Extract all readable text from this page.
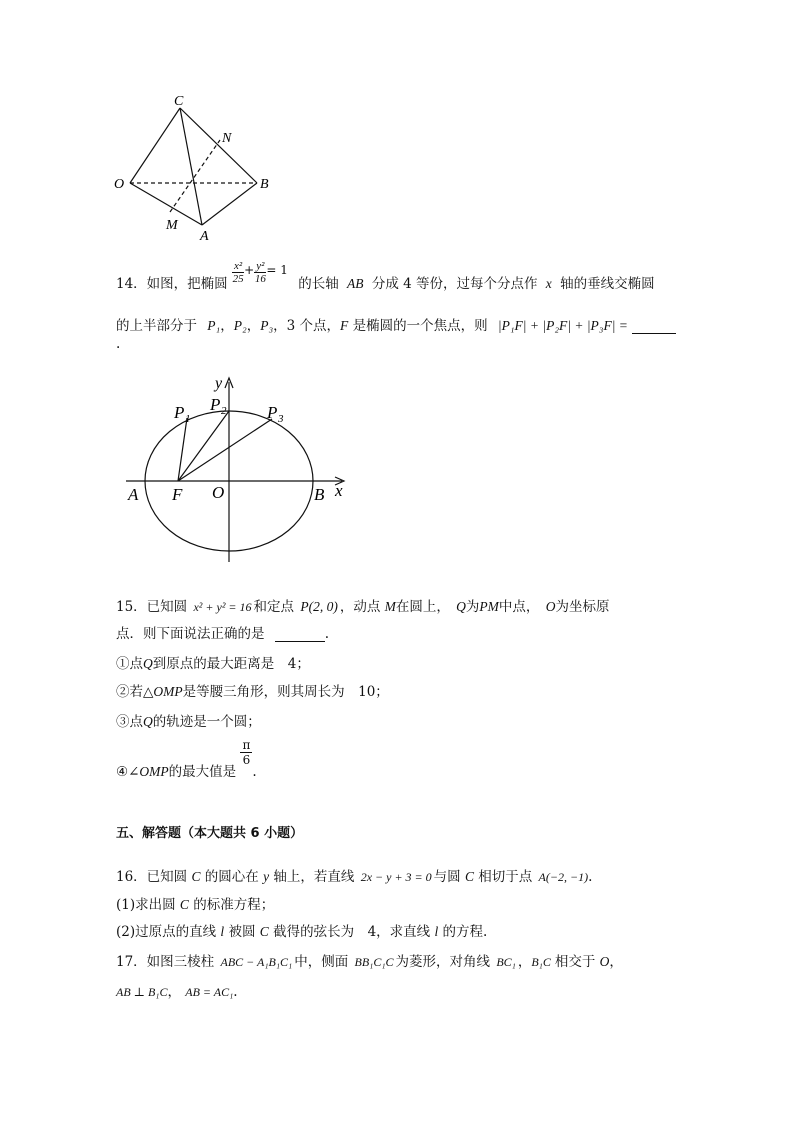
C
N
O	B
M
A
14．如图，把椭圆 $\frac{\text{x²}}{25} + \frac{\text{y²}}{16} = 1$ 的长轴 AB 分成 4 等份，过每个分点作 x 轴的垂线交椭圆
的上半部分于 P₁，P₂，P₃，3 个点，F 是椭圆的一个焦点，则 |P₁F| + |P₂F| + |P₃F| =
.
y
P 1
P 2 P 3
A F O	B x
15．已知圆 x² + y² = 16 和定点 P(2, 0) ，动点 M在圆上， Q为PM中点， O为坐标原
点．则下面说法正确的是	.
①点Q到原点的最大距离是　4；
②若△OMP是等腰三角形，则其周长为　10；
③点Q的轨迹是一个圆；
④∠OMP的最大值是
$\frac{\pi}{6}$
.
五、解答题（本大题共 6 小题）
16．已知圆 C 的圆心在 y 轴上，若直线 2x − y + 3 = 0 与圆 C 相切于点 A(−2, −1).
(1)求出圆 C 的标准方程；
(2)过原点的直线 l 被圆 C 截得的弦长为　4，求直线 l 的方程.
17．如图三棱柱 ABC − A₁B₁C₁ 中，侧面 BB₁C₁C 为菱形，对角线 BC₁ ，B₁C 相交于 O，
AB ⊥ B₁C， AB = AC₁.
